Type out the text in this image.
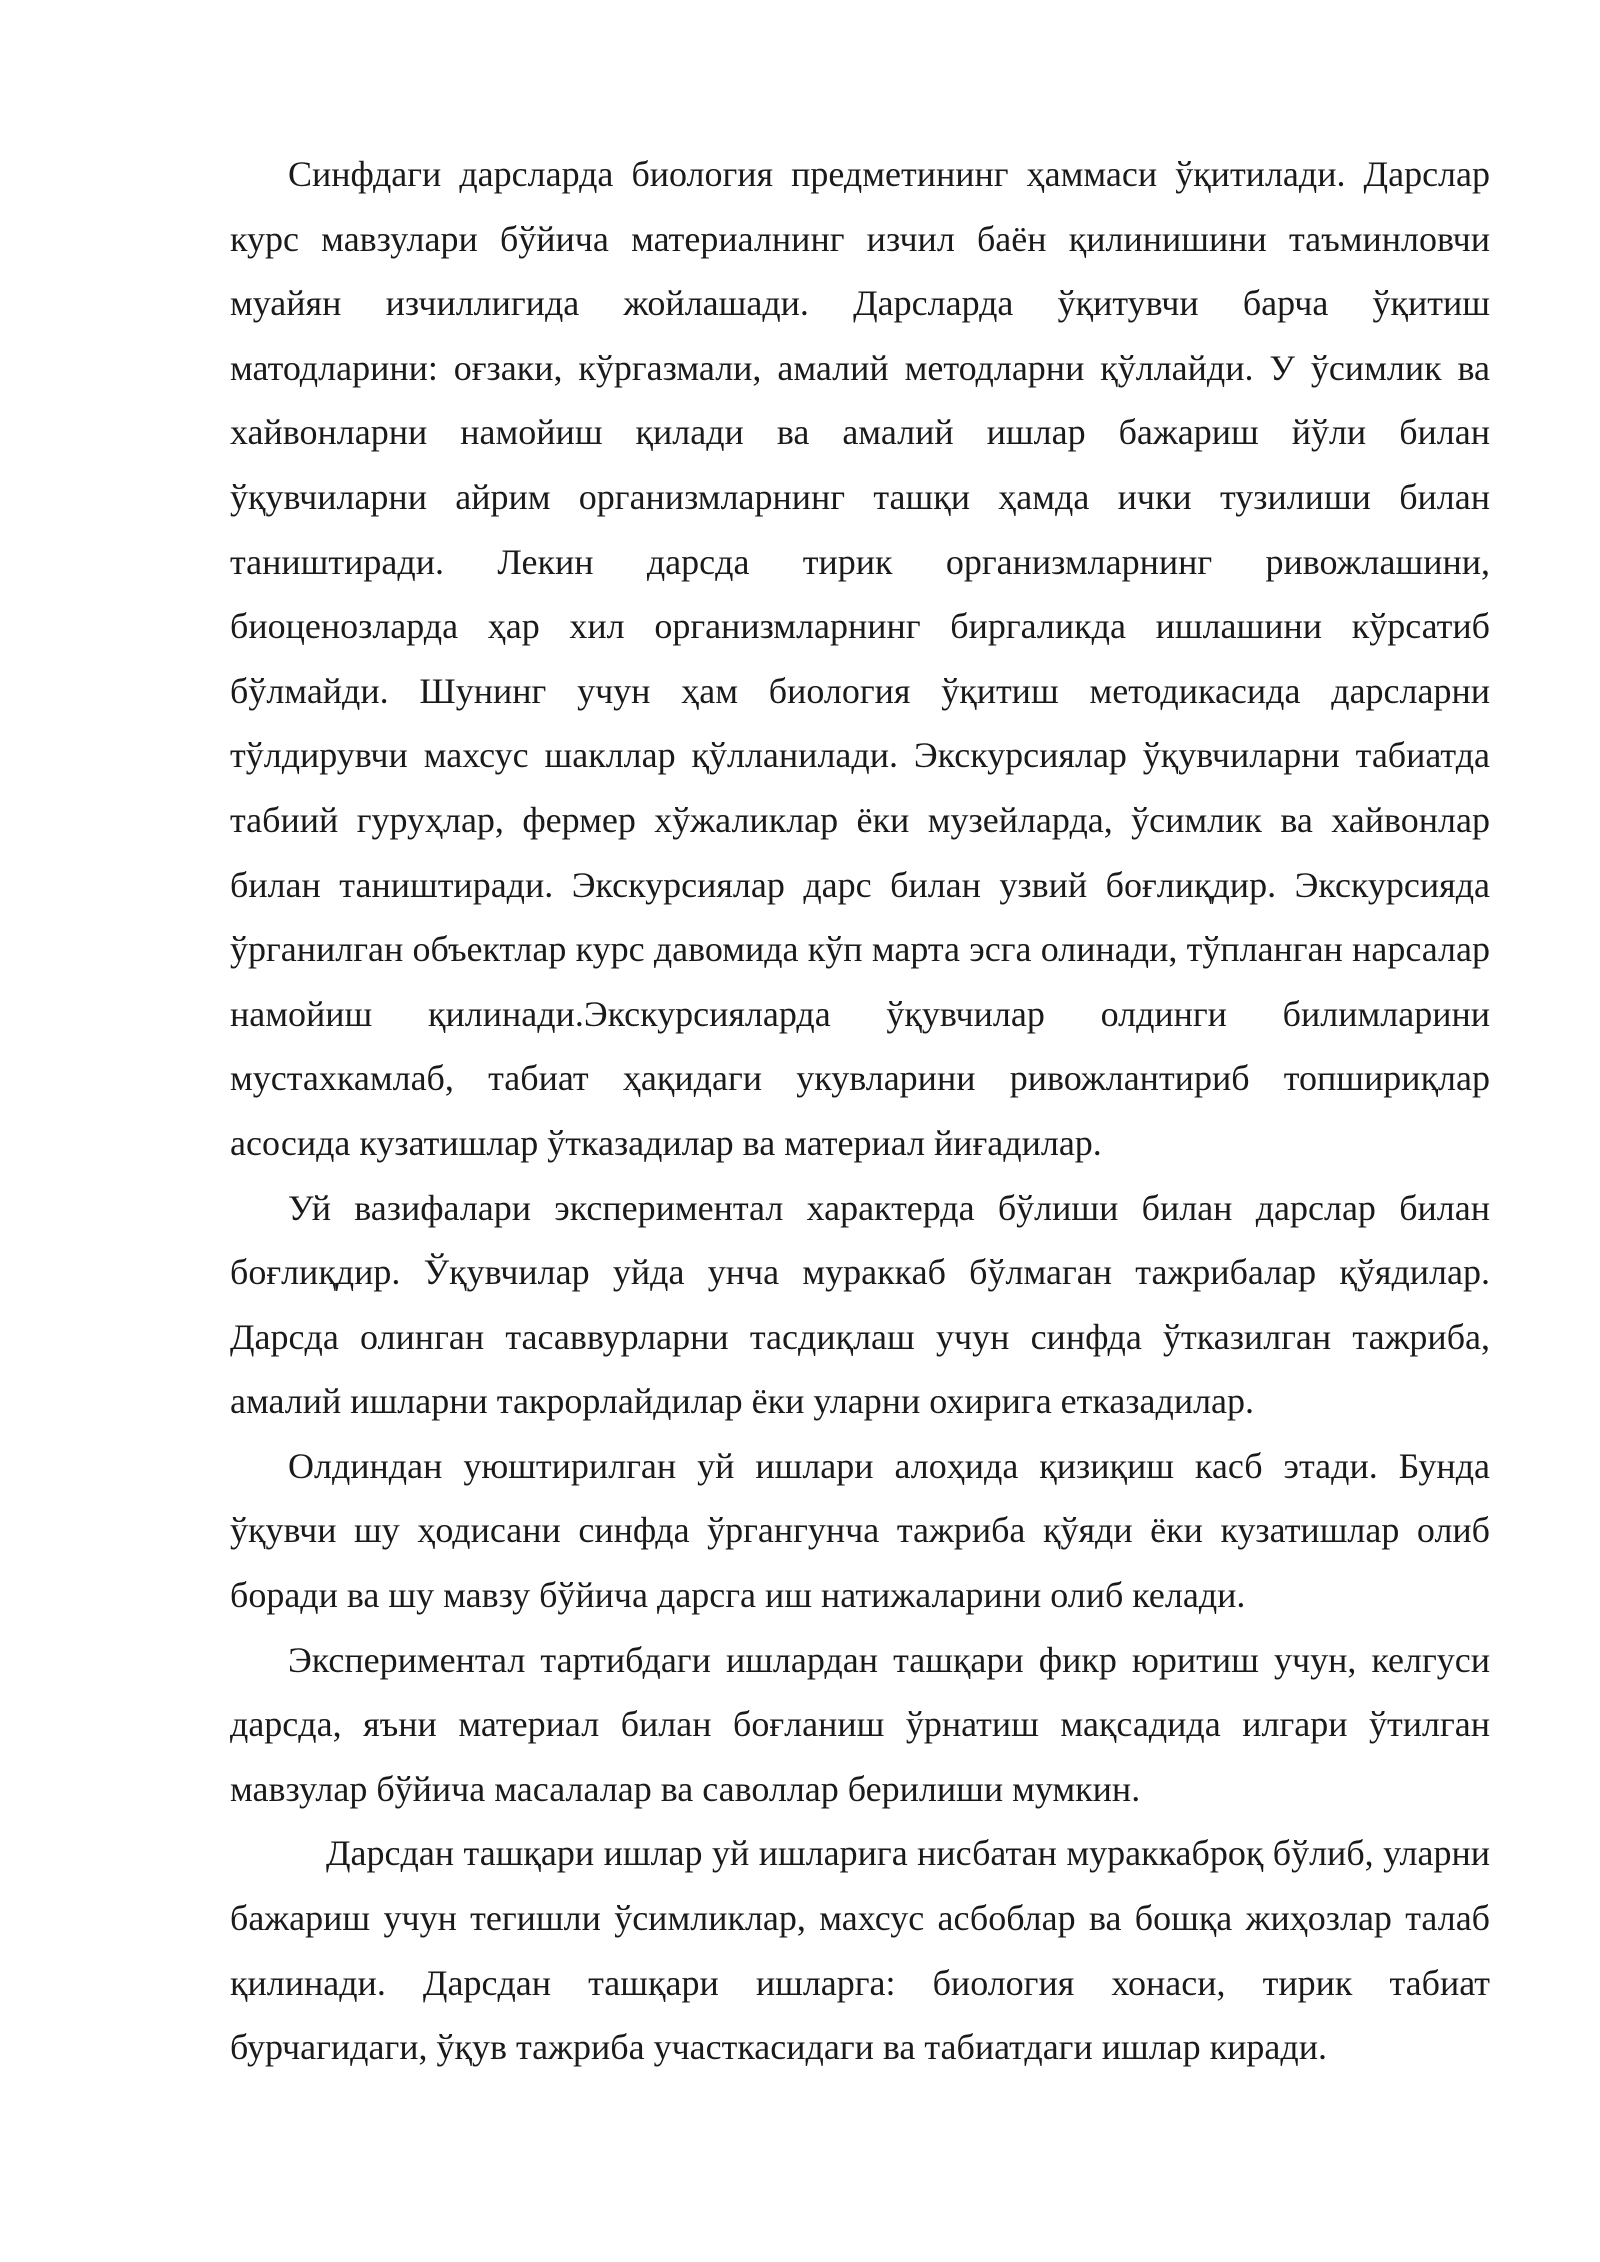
Синфдаги дарсларда биология предметининг ҳаммаси ўқитилади. Дарслар курс мавзулари бўйича материалнинг изчил баён қилинишини таъминловчи муайян изчиллигида жойлашади. Дарсларда ўқитувчи барча ўқитиш матодларини: оғзаки, кўргазмали, амалий методларни қўллайди. У ўсимлик ва хайвонларни намойиш қилади ва амалий ишлар бажариш йўли билан ўқувчиларни айрим организмларнинг ташқи ҳамда ички тузилиши билан таништиради. Лекин дарсда тирик организмларнинг ривожлашини, биоценозларда ҳар хил организмларнинг биргаликда ишлашини кўрсатиб бўлмайди. Шунинг учун ҳам биология ўқитиш методикасида дарсларни тўлдирувчи махсус шакллар қўлланилади. Экскурсиялар ўқувчиларни табиатда табиий гуруҳлар, фермер хўжаликлар ёки музейларда, ўсимлик ва хайвонлар билан таништиради. Экскурсиялар дарс билан узвий боғлиқдир. Экскурсияда ўрганилган объектлар курс давомида кўп марта эсга олинади, тўпланган нарсалар намойиш қилинади.Экскурсияларда ўқувчилар олдинги билимларини мустахкамлаб, табиат ҳақидаги укувларини ривожлантириб топшириқлар асосида кузатишлар ўтказадилар ва материал йиғадилар.

Уй вазифалари экспериментал характерда бўлиши билан дарслар билан боғлиқдир. Ўқувчилар уйда унча мураккаб бўлмаган тажрибалар қўядилар. Дарсда олинган тасаввурларни тасдиқлаш учун синфда ўтказилган тажриба, амалий ишларни такрорлайдилар ёки уларни охирига етказадилар.

Олдиндан уюштирилган уй ишлари алоҳида қизиқиш касб этади. Бунда ўқувчи шу ҳодисани синфда ўргангунча тажриба қўяди ёки кузатишлар олиб боради ва шу мавзу бўйича дарсга иш натижаларини олиб келади.

Экспериментал тартибдаги ишлардан ташқари фикр юритиш учун, келгуси дарсда, яъни материал билан боғланиш ўрнатиш мақсадида илгари ўтилган мавзулар бўйича масалалар ва саволлар берилиши мумкин.

Дарсдан ташқари ишлар уй ишларига нисбатан мураккаброқ бўлиб, уларни бажариш учун тегишли ўсимликлар, махсус асбоблар ва бошқа жиҳозлар талаб қилинади. Дарсдан ташқари ишларга: биология хонаси, тирик табиат бурчагидаги, ўқув тажриба участкасидаги ва табиатдаги ишлар киради.
